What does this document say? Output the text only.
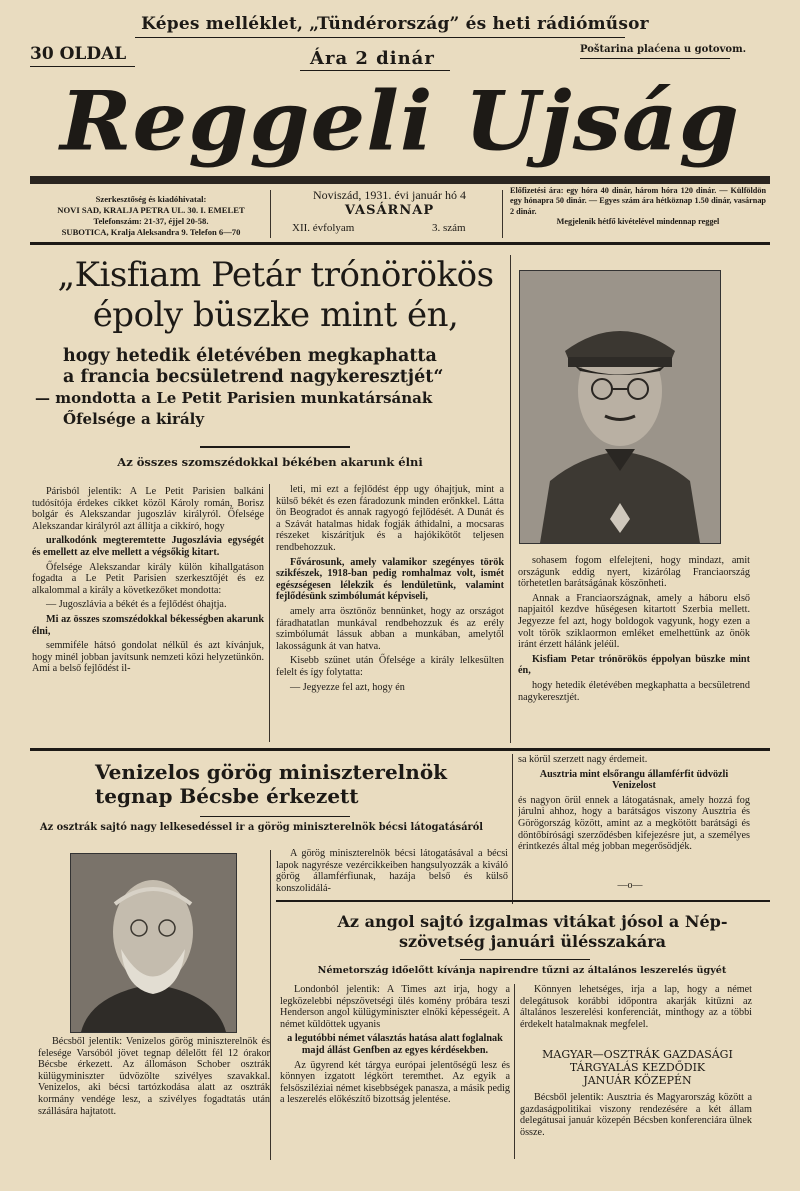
Képes melléklet, „Tündérország” és heti rádióműsor
30 OLDAL	Ára 2 dinár	Poštarina plaćena u gotovom.
Reggeli Ujság
Szerkesztőség és kiadóhivatal:
NOVI SAD, KRALJA PETRA UL. 30. I. EMELET
Telefonszám: 21-37, éjjel 20-58.
SUBOTICA, Kralja Aleksandra 9. Telefon 6—70
Noviszád, 1931. évi január hó 4
VASÁRNAP
XII. évfolyam	3. szám
Előfizetési ára: egy hóra 40 dinár, három hóra 120 dinár. — Külföldön egy hónapra 50 dinár. — Egyes szám ára hétköznap 1.50 dinár, vasárnap 2 dinár.
Megjelenik hétfő kivételével mindennap reggel
„Kisfiam Petár trónörökös
époly büszke mint én,
hogy hetedik életévében megkaphatta
a francia becsületrend nagykeresztjét“
— mondotta a Le Petit Parisien munkatársának
Őfelsége a király
Az összes szomszédokkal békében akarunk élni

Párisból jelentik: A Le Petit Parisien balkáni tudósítója érdekes cikket közöl Károly román, Borisz bolgár és Alekszandar jugoszláv királyról. Őfelsége Alekszandar királyról azt állítja a cikkíró, hogy

uralkodónk megteremtette Jugoszlávia egységét és emellett az elve mellett a végsőkig kitart.

Őfelsége Alekszandar király külön kihallgatáson fogadta a Le Petit Parisien szerkesztőjét és ez alkalommal a király a következőket mondotta:

— Jugoszlávia a békét és a fejlődést óhajtja.

Mi az összes szomszédokkal békességben akarunk élni,

semmiféle hátsó gondolat nélkül és azt kívánjuk, hogy minél jobban javítsunk nemzeti közi helyzetünkön. Ami a belső fejlődést il-

leti, mi ezt a fejlődést épp ugy óhajtjuk, mint a külső békét és ezen fáradozunk minden erőnkkel. Látta ön Beogradot és annak ragyogó fejlődését. A Dunát és a Szávát hatalmas hidak fogják áthidalni, a mocsaras részeket kiszárítjuk és a hajókikötőt teljesen rendbehozzuk.

Fővárosunk, amely valamikor szegényes török szikfészek, 1918-ban pedig romhalmaz volt, ismét egészségesen lélekzik és lendületünk, valamint fejlődésünk szimbólumát képviseli,

amely arra ösztönöz bennünket, hogy az országot fáradhatatlan munkával rendbehozzuk és az erély szimbólumát lássuk abban a munkában, amelytől lakosságunk át van hatva.

Kisebb szünet után Őfelsége a király lelkesülten felelt és így folytatta:

— Jegyezze fel azt, hogy én

sohasem fogom elfelejteni, hogy mindazt, amit országunk eddig nyert, kizárólag Franciaország törhetetlen barátságának köszönheti.

Annak a Franciaországnak, amely a háboru első napjaitól kezdve hűségesen kitartott Szerbia mellett. Jegyezze fel azt, hogy boldogok vagyunk, hogy ezen a volt török sziklaormon emléket emelhettünk az önök iránt érzett hálánk jeléül.

Kisfiam Petar trónörökös éppolyan büszke mint én,

hogy hetedik életévében megkaphatta a becsületrend nagykeresztjét.

Venizelos görög miniszterelnök
tegnap Bécsbe érkezett
Az osztrák sajtó nagy lelkesedéssel ir a görög miniszterelnök bécsi látogatásáról

Bécsből jelentik: Venizelos görög miniszterelnök és felesége Varsóból jövet tegnap délelőtt fél 12 órakor Bécsbe érkezett. Az állomáson Schober osztrák külügyminiszter üdvözölte szivélyes szavakkal. Venizelos, aki bécsi tartózkodása alatt az osztrák kormány vendége lesz, a szivélyes fogadtatás után szállására hajtatott.

A görög miniszterelnök bécsi látogatásával a bécsi lapok nagyrésze vezércikkeiben hangsulyozzák a kiváló görög államférfiunak, hazája belső és külső konszolidálá-

sa körül szerzett nagy érdemeit.

Ausztria mint elsőrangu államférfit üdvözli Venizelost

és nagyon örül ennek a látogatásnak, amely hozzá fog járulni ahhoz, hogy a barátságos viszony Ausztria és Görögország között, amint az a megkötött barátsági és döntőbírósági szerződésben kifejezésre jut, a személyes érintkezés által még jobban megerősödjék.

—o—
Az angol sajtó izgalmas vitákat jósol a Nép-
szövetség januári ülésszakára
Németország időelőtt kívánja napirendre tűzni az általános leszerelés ügyét

Londonból jelentik: A Times azt irja, hogy a legközelebbi népszövetségi ülés komény próbára teszi Henderson angol külügyminiszter elnöki képességeit. A német küldöttek ugyanis

a legutóbbi német választás hatása alatt foglalnak majd állást Genfben az egyes kérdésekben.

Az ügyrend két tárgya európai jelentőségű lesz és könnyen izgatott légkört teremthet. Az egyik a felsősziléziai német kisebbségek panasza, a másik pedig a leszerelés előkészítő bizottság jelentése.

Könnyen lehetséges, irja a lap, hogy a német delegátusok korábbi időpontra akarják kitűzni az általános leszerelési konferenciát, minthogy az a többi érdekelt hatalmaknak megfelel.

MAGYAR—OSZTRÁK GAZDASÁGI
TÁRGYALÁS KEZDŐDIK
JANUÁR KÖZEPÉN

Bécsből jelentik: Ausztria és Magyarország között a gazdaságpolitikai viszony rendezésére a két állam delegátusai január közepén Bécsben konferenciára ülnek össze.
